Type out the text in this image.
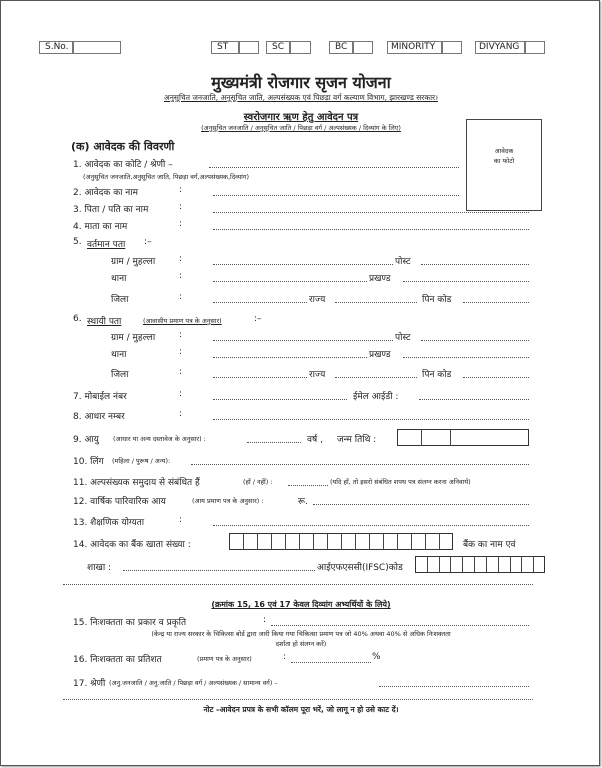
S.No.	ST	SC	BC	MINORITY	DIVYANG
मुख्यमंत्री रोजगार सृजन योजना
अनुसूचित जनजाति, अनुसूचित जाति, अल्पसंख्यक एवं पिछड़ा वर्ग कल्याण विभाग, झारखण्ड सरकार।
स्वरोजगार ऋण हेतु आवेदन पत्र
(अनुसूचित जनजाति / अनुसूचित जाति / पिछड़ा वर्ग / अल्पसंख्यक / दिव्यांग के लिए)
आवेदक
का फोटो
(क) आवेदक की विवरणी
1. आवेदक का कोटि / श्रेणी –
(अनुसूचित जनजाति,अनुसूचित जाति, पिछड़ा वर्ग,अल्पसंख्यक,दिव्यांग)
2. आवेदक का नाम	:
3. पिता / पति का नाम	:
4. माता का नाम	:
5. वर्तमान पता :–
ग्राम / मुहल्ला	:	पोस्ट
थाना	:	प्रखण्ड
जिला	:	राज्य	पिन कोड
6. स्थायी पता	(आवासीय प्रमाण पत्र के अनुसार)	:–
ग्राम / मुहल्ला	:	पोस्ट
थाना	:	प्रखण्ड
जिला	:	राज्य	पिन कोड
7. मोबाईल नंबर	:	ईमेल आईडी :
8. आधार नम्बर	:
9. आयु (आधार या अन्य दस्तावेज के अनुसार) :	वर्ष , जन्म तिथि :
10. लिंग (महिला / पुरूष / अन्य):
11. अल्पसंख्यक समुदाय से संबंधित हैं	(हाँ / नहीं) :	(यदि हाँ, तो इसरो संबंधित शपथ पत्र संलग्न करना अनिवार्य)
12. वार्षिक पारिवारिक आय	(आय प्रमाण पत्र के अनुसार) :	रू.
13. शैक्षणिक योग्यता	:
14. आवेदक का बैंक खाता संख्या :	बैंक का नाम एवं
शाखा :	आईएफएससी(IFSC)कोड
(क्रमांक 15, 16 एवं 17 केवल दिव्यांग अभ्यर्थियों के लिये)
15. निःशक्तता का प्रकार व प्रकृति	:
(केन्द्र या राज्य सरकार के चिकित्सा बोर्ड द्वारा जारी किया गया चिकित्सा प्रमाण पत्र जो 40% अथवा 40% से अधिक निःशक्तता
दर्शाता हो संलग्न करें)
16. निःशक्तता का प्रतिशत	(प्रमाण पत्र के अनुसार)	:	%
17. श्रेणी (अनु.जनजाति / अनु.जाति / पिछड़ा वर्ग / अल्पसंख्यक / सामान्य वर्ग) –
नोट –आवेदन प्रपत्र के सभी कॉलम पूरा भरें, जो लागू न हो उसे काट दें।
